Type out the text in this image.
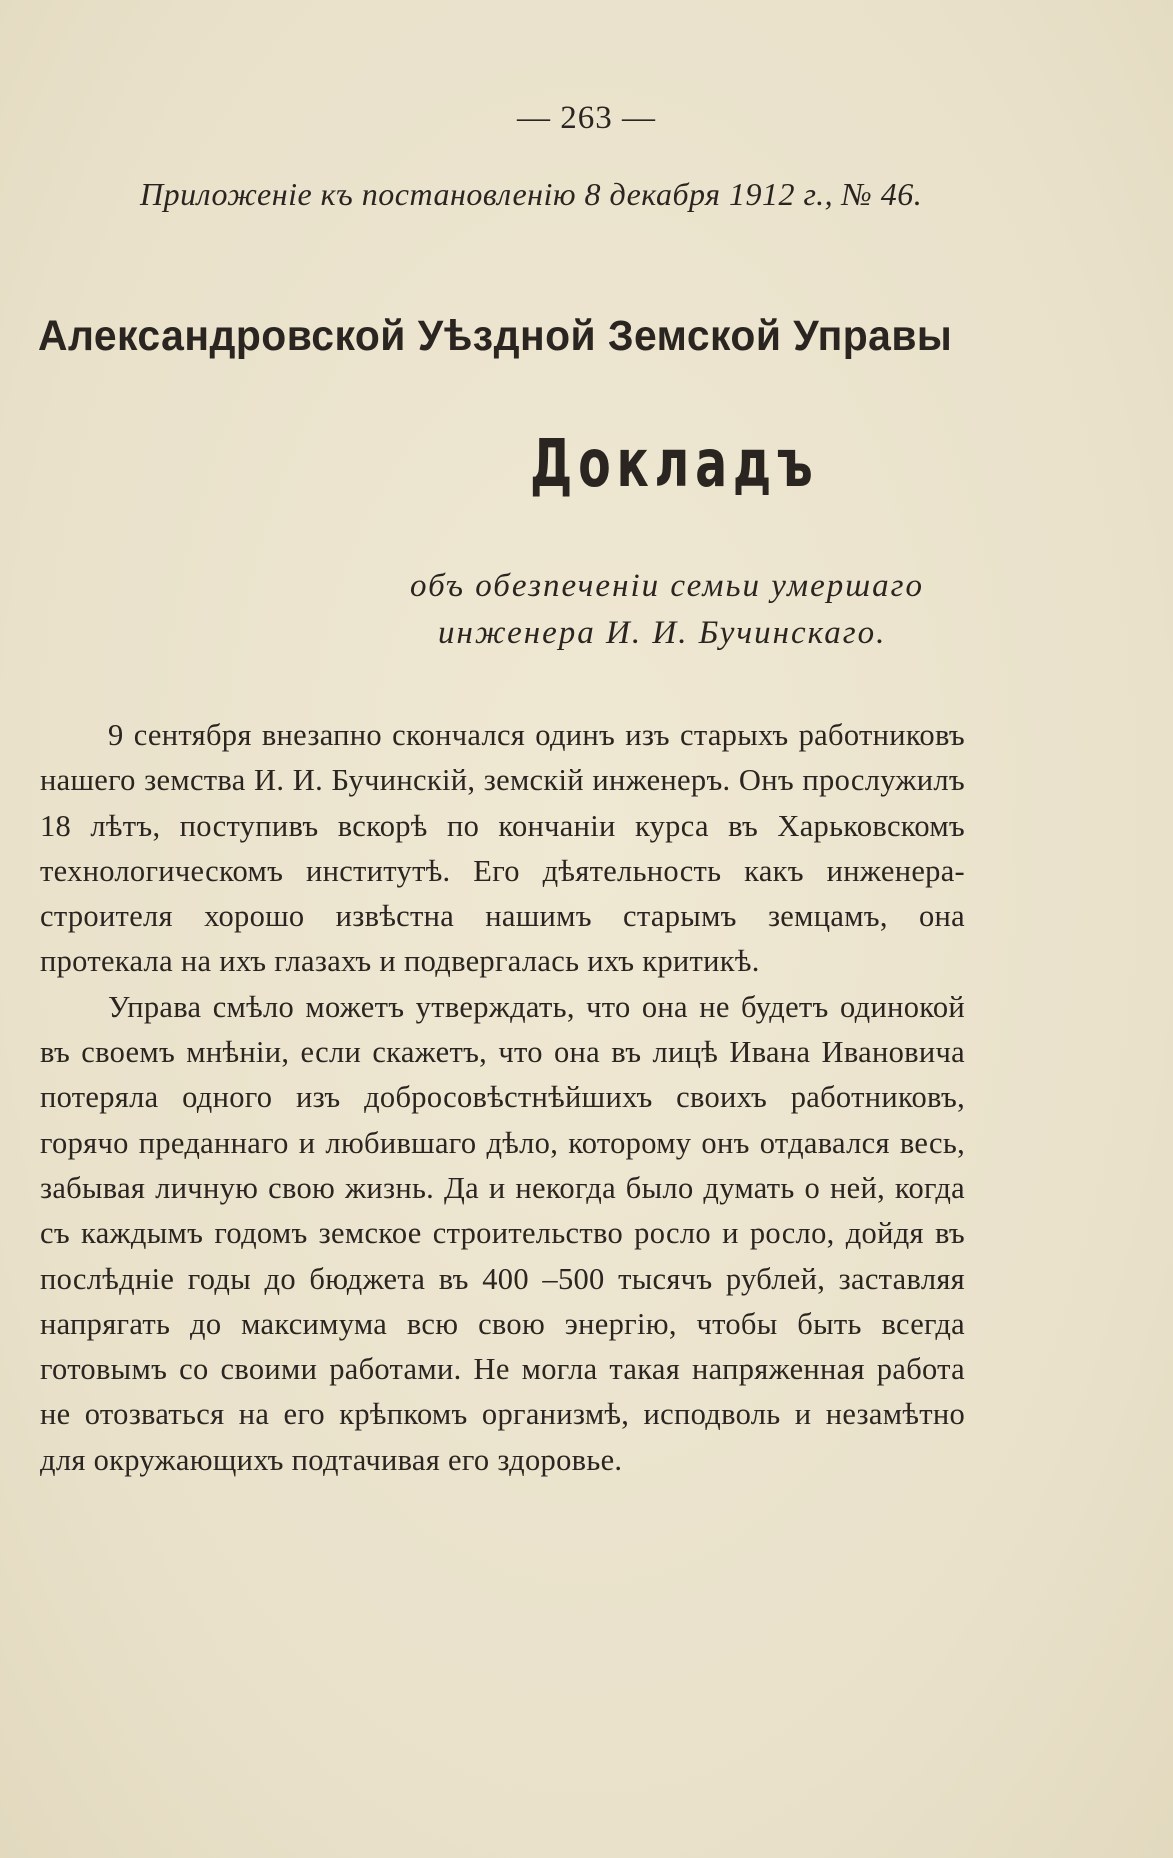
— 263 —
Приложеніе къ постановленію 8 декабря 1912 г., № 46.
Александровской Уѣздной Земской Управы
Докладъ
объ обезпеченіи семьи умершаго
инженера И. И. Бучинскаго.

9 сентября внезапно скончался одинъ изъ старыхъ работниковъ нашего земства И. И. Бучинскій, земскій инженеръ. Онъ прослужилъ 18 лѣтъ, поступивъ вскорѣ по кончаніи курса въ Харьковскомъ технологическомъ институтѣ. Его дѣятельность какъ инженера-строителя хорошо извѣстна нашимъ старымъ земцамъ, она протекала на ихъ глазахъ и подвергалась ихъ критикѣ.

Управа смѣло можетъ утверждать, что она не будетъ одинокой въ своемъ мнѣніи, если скажетъ, что она въ лицѣ Ивана Ивановича потеряла одного изъ добросовѣстнѣйшихъ своихъ работниковъ, горячо преданнаго и любившаго дѣло, которому онъ отдавался весь, забывая личную свою жизнь. Да и некогда было думать о ней, когда съ каждымъ годомъ земское строительство росло и росло, дойдя въ послѣдніе годы до бюджета въ 400 –500 тысячъ рублей, заставляя напрягать до максимума всю свою энергію, чтобы быть всегда готовымъ со своими работами. Не могла такая напряженная работа не отозваться на его крѣпкомъ организмѣ, исподволь и незамѣтно для окружающихъ подтачивая его здоровье.
